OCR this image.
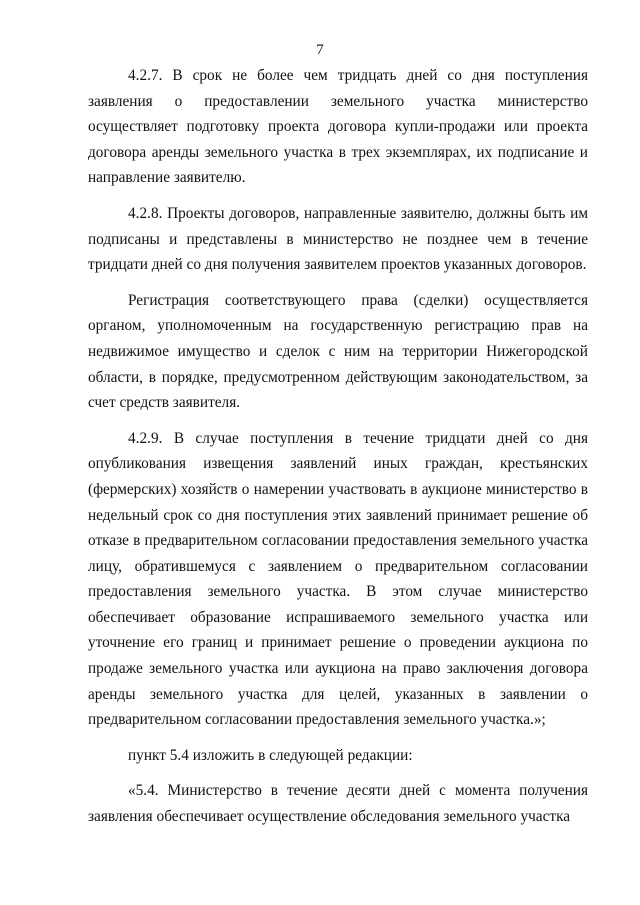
7

4.2.7. В срок не более чем тридцать дней со дня поступления заявления о предоставлении земельного участка министерство осуществляет подготовку проекта договора купли-продажи или проекта договора аренды земельного участка в трех экземплярах, их подписание и направление заявителю.

4.2.8. Проекты договоров, направленные заявителю, должны быть им подписаны и представлены в министерство не позднее чем в течение тридцати дней со дня получения заявителем проектов указанных договоров.

Регистрация соответствующего права (сделки) осуществляется органом, уполномоченным на государственную регистрацию прав на недвижимое имущество и сделок с ним на территории Нижегородской области, в порядке, предусмотренном действующим законодательством, за счет средств заявителя.

4.2.9. В случае поступления в течение тридцати дней со дня опубликования извещения заявлений иных граждан, крестьянских (фермерских) хозяйств о намерении участвовать в аукционе министерство в недельный срок со дня поступления этих заявлений принимает решение об отказе в предварительном согласовании предоставления земельного участка лицу, обратившемуся с заявлением о предварительном согласовании предоставления земельного участка. В этом случае министерство обеспечивает образование испрашиваемого земельного участка или уточнение его границ и принимает решение о проведении аукциона по продаже земельного участка или аукциона на право заключения договора аренды земельного участка для целей, указанных в заявлении о предварительном согласовании предоставления земельного участка.»;

пункт 5.4 изложить в следующей редакции:

«5.4. Министерство в течение десяти дней с момента получения заявления обеспечивает осуществление обследования земельного участка
